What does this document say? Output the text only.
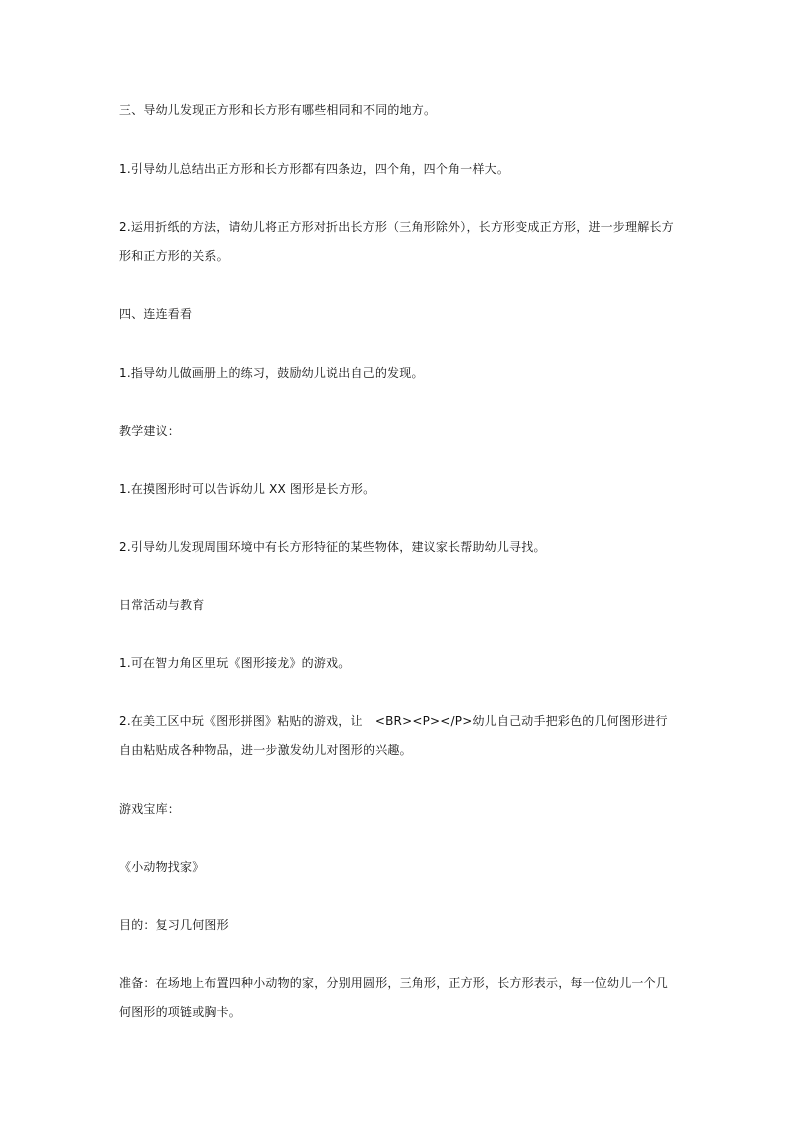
三、导幼儿发现正方形和长方形有哪些相同和不同的地方。

1.引导幼儿总结出正方形和长方形都有四条边，四个角，四个角一样大。

2.运用折纸的方法，请幼儿将正方形对折出长方形（三角形除外），长方形变成正方形，进一步理解长方形和正方形的关系。

四、连连看看

1.指导幼儿做画册上的练习，鼓励幼儿说出自己的发现。

教学建议：

1.在摸图形时可以告诉幼儿 XX 图形是长方形。

2.引导幼儿发现周围环境中有长方形特征的某些物体，建议家长帮助幼儿寻找。

日常活动与教育

1.可在智力角区里玩《图形接龙》的游戏。

2.在美工区中玩《图形拼图》粘贴的游戏，让　<BR><P></P>幼儿自己动手把彩色的几何图形进行自由粘贴成各种物品，进一步激发幼儿对图形的兴趣。

游戏宝库：

《小动物找家》

目的：复习几何图形

准备：在场地上布置四种小动物的家，分别用圆形，三角形，正方形，长方形表示，每一位幼儿一个几何图形的项链或胸卡。
